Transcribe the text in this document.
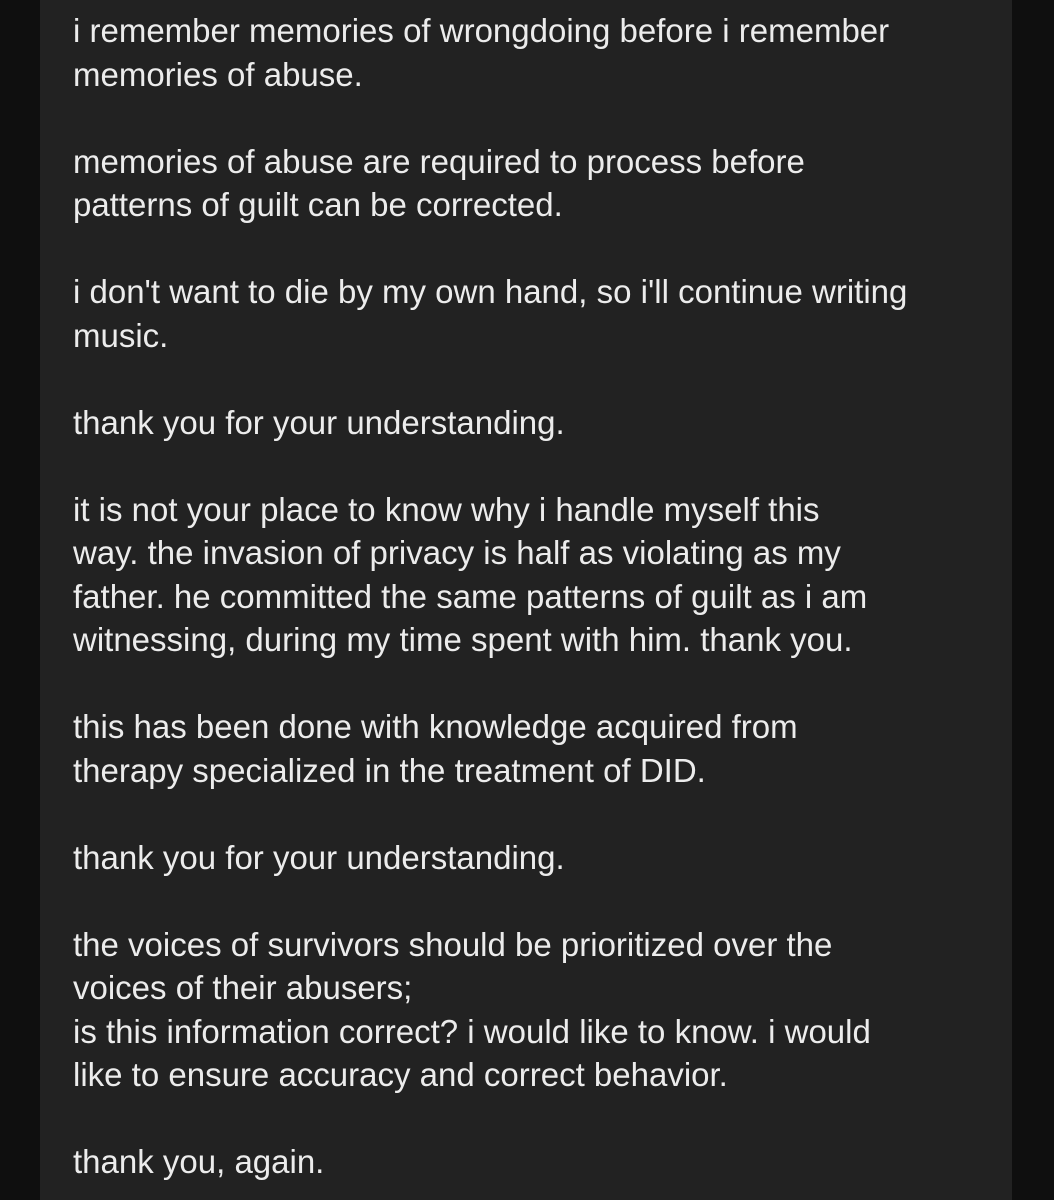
i remember memories of wrongdoing before i remember
memories of abuse.
memories of abuse are required to process before
patterns of guilt can be corrected.
i don't want to die by my own hand, so i'll continue writing
music.
thank you for your understanding.
it is not your place to know why i handle myself this
way. the invasion of privacy is half as violating as my
father. he committed the same patterns of guilt as i am
witnessing, during my time spent with him. thank you.
this has been done with knowledge acquired from
therapy specialized in the treatment of DID.
thank you for your understanding.
the voices of survivors should be prioritized over the
voices of their abusers;
is this information correct? i would like to know. i would
like to ensure accuracy and correct behavior.
thank you, again.
